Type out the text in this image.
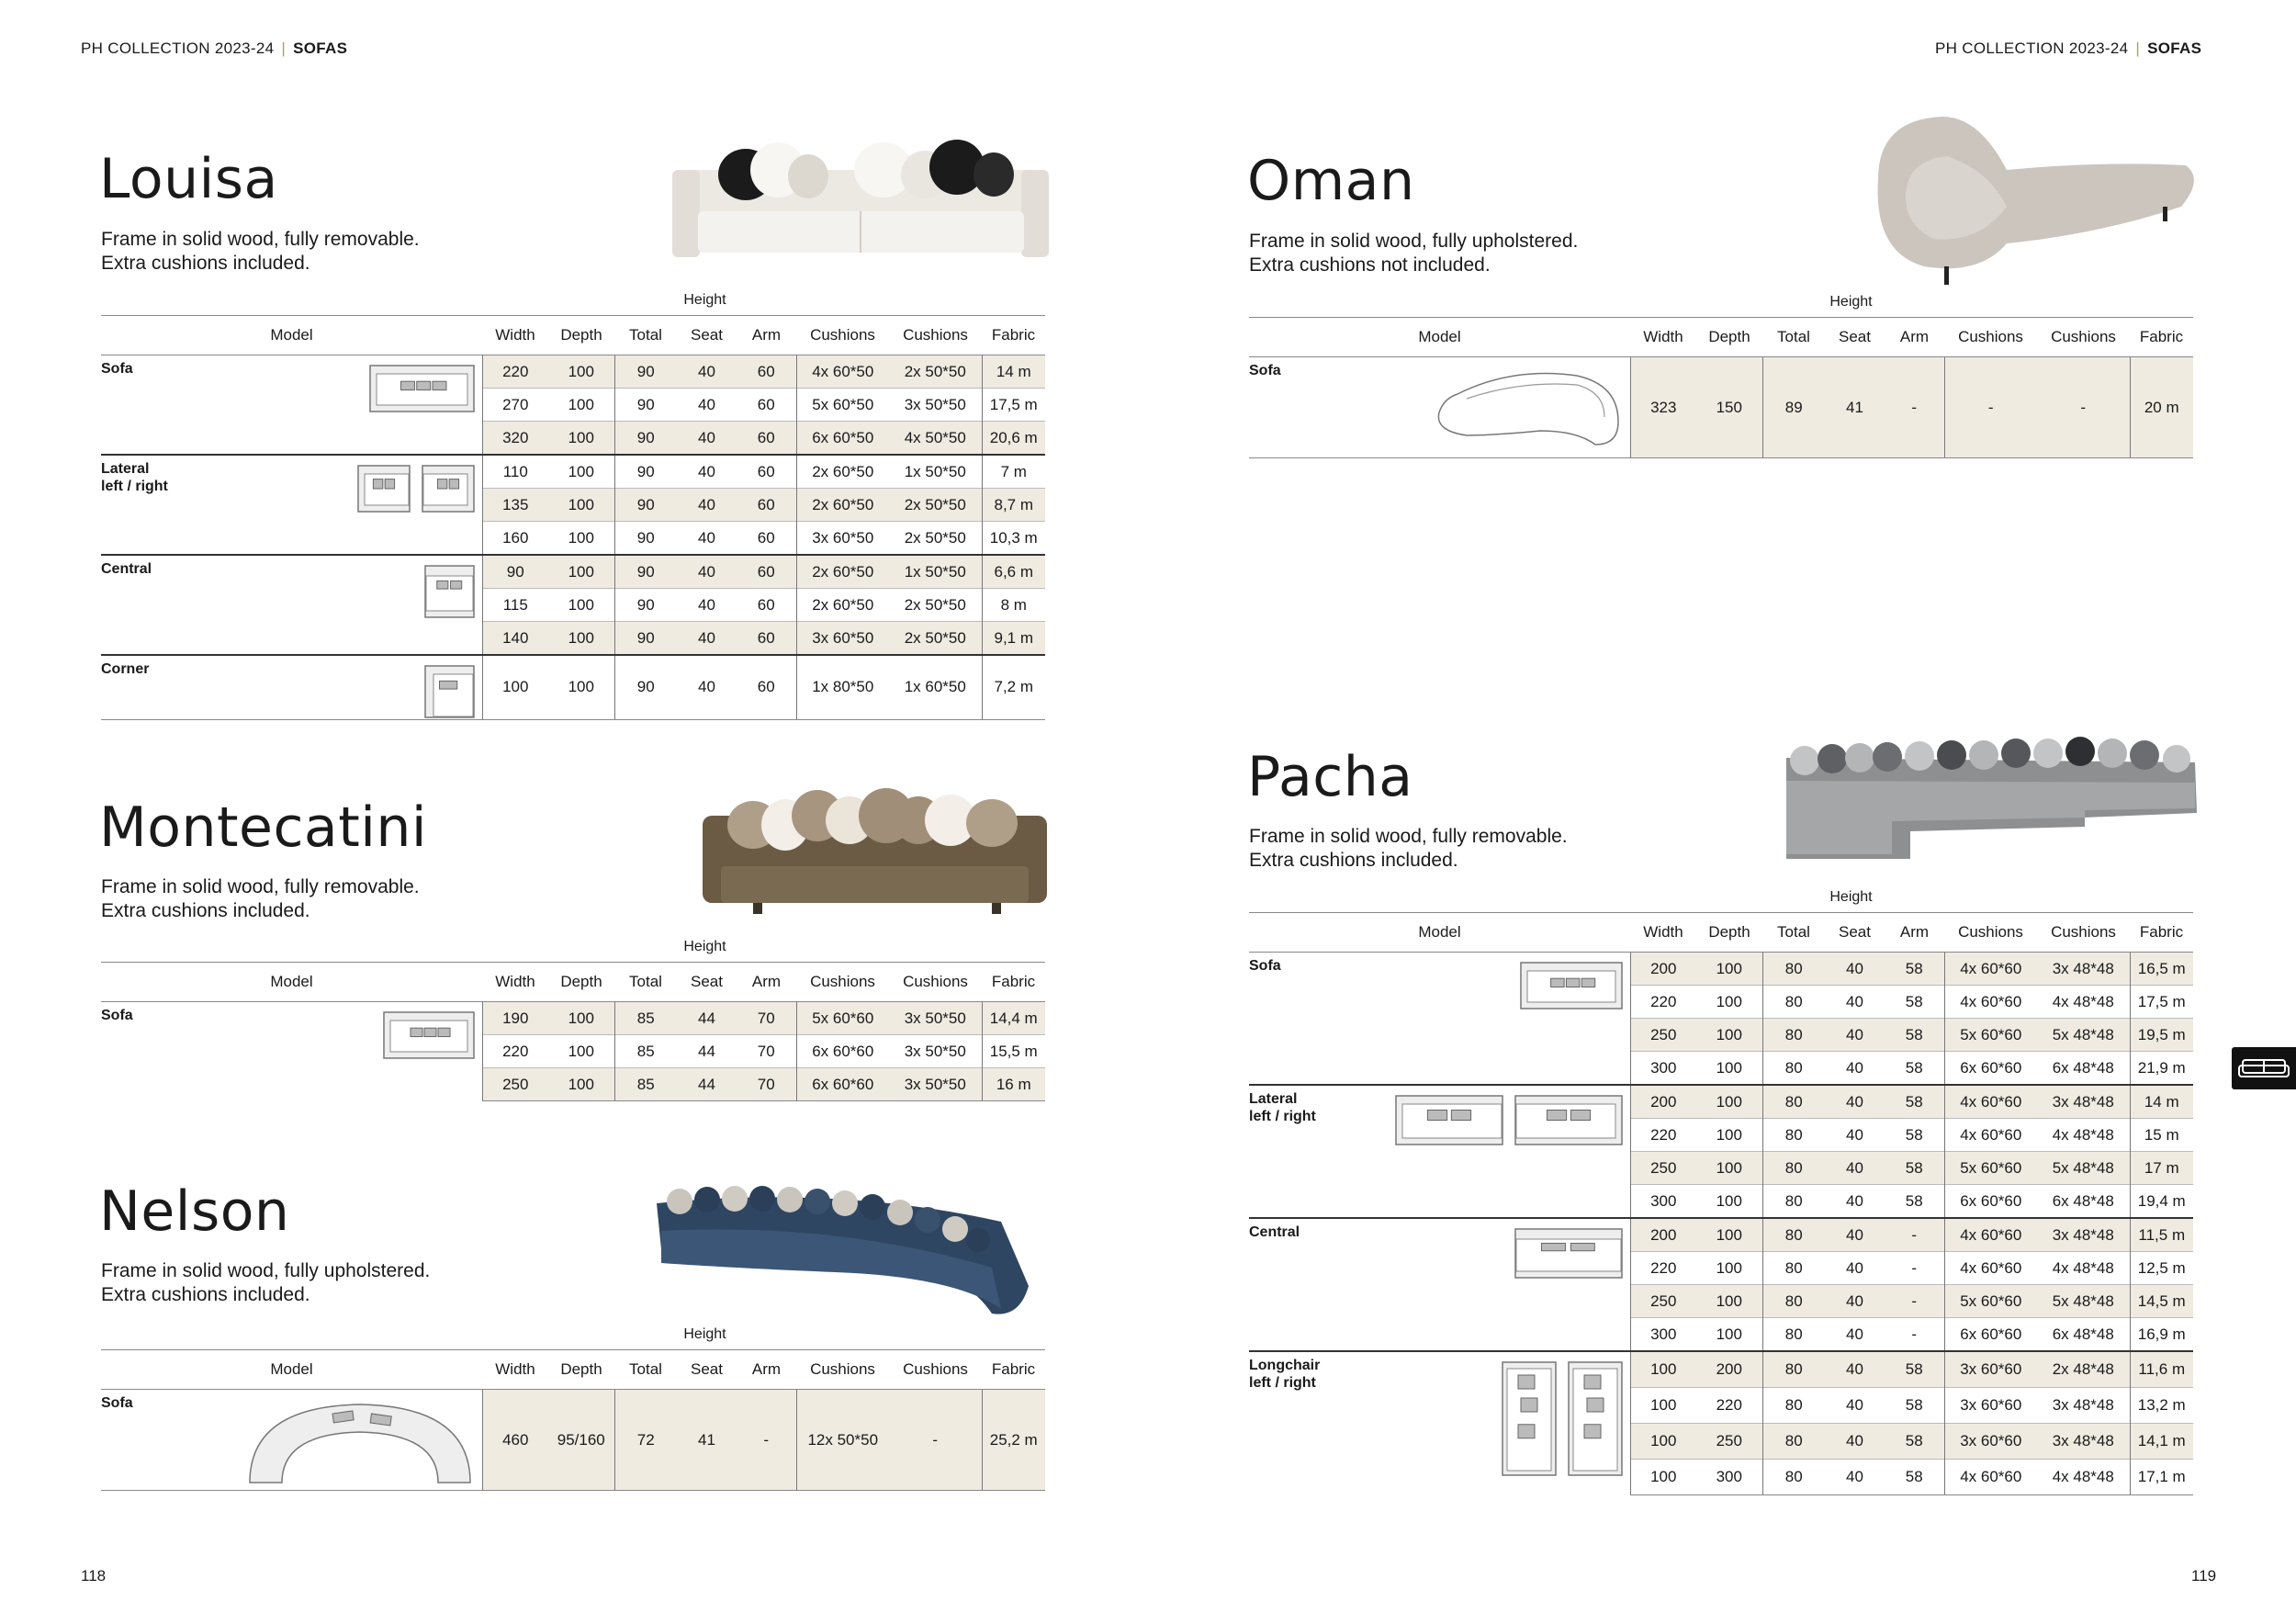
PH COLLECTION 2023-24 | SOFAS	PH COLLECTION 2023-24 | SOFAS
118	119
Louisa
Frame in solid wood, fully removable.
Extra cushions included.
Height
Model	Width	Depth	Total	Seat	Arm	Cushions	Cushions	Fabric

Sofa	220	100	90	40	60	4x 60*50	2x 50*50	14 m
	270	100	90	40	60	5x 60*50	3x 50*50	17,5 m
	320	100	90	40	60	6x 60*50	4x 50*50	20,6 m

Lateral
left / right	110	100	90	40	60	2x 60*50	1x 50*50	7 m
	135	100	90	40	60	2x 60*50	2x 50*50	8,7 m
	160	100	90	40	60	3x 60*50	2x 50*50	10,3 m

Central	90	100	90	40	60	2x 60*50	1x 50*50	6,6 m
	115	100	90	40	60	2x 60*50	2x 50*50	8 m
	140	100	90	40	60	3x 60*50	2x 50*50	9,1 m

Corner	100	100	90	40	60	1x 80*50	1x 60*50	7,2 m
Montecatini
Frame in solid wood, fully removable.
Extra cushions included.
Height
Model	Width	Depth	Total	Seat	Arm	Cushions	Cushions	Fabric

Sofa	190	100	85	44	70	5x 60*60	3x 50*50	14,4 m
	220	100	85	44	70	6x 60*60	3x 50*50	15,5 m
	250	100	85	44	70	6x 60*60	3x 50*50	16 m
Nelson
Frame in solid wood, fully upholstered.
Extra cushions included.
Height
Model	Width	Depth	Total	Seat	Arm	Cushions	Cushions	Fabric

Sofa	460	95/160	72	41	-	12x 50*50	-	25,2 m
Oman
Frame in solid wood, fully upholstered.
Extra cushions not included.
Height
Model	Width	Depth	Total	Seat	Arm	Cushions	Cushions	Fabric

Sofa	323	150	89	41	-	-	-	20 m
Pacha
Frame in solid wood, fully removable.
Extra cushions included.
Height
Model	Width	Depth	Total	Seat	Arm	Cushions	Cushions	Fabric

Sofa	200	100	80	40	58	4x 60*60	3x 48*48	16,5 m
	220	100	80	40	58	4x 60*60	4x 48*48	17,5 m
	250	100	80	40	58	5x 60*60	5x 48*48	19,5 m
	300	100	80	40	58	6x 60*60	6x 48*48	21,9 m

Lateral
left / right	200	100	80	40	58	4x 60*60	3x 48*48	14 m
	220	100	80	40	58	4x 60*60	4x 48*48	15 m
	250	100	80	40	58	5x 60*60	5x 48*48	17 m
	300	100	80	40	58	6x 60*60	6x 48*48	19,4 m

Central	200	100	80	40	-	4x 60*60	3x 48*48	11,5 m
	220	100	80	40	-	4x 60*60	4x 48*48	12,5 m
	250	100	80	40	-	5x 60*60	5x 48*48	14,5 m
	300	100	80	40	-	6x 60*60	6x 48*48	16,9 m

Longchair
left / right	100	200	80	40	58	3x 60*60	2x 48*48	11,6 m
	100	220	80	40	58	3x 60*60	3x 48*48	13,2 m
	100	250	80	40	58	3x 60*60	3x 48*48	14,1 m
	100	300	80	40	58	4x 60*60	4x 48*48	17,1 m
